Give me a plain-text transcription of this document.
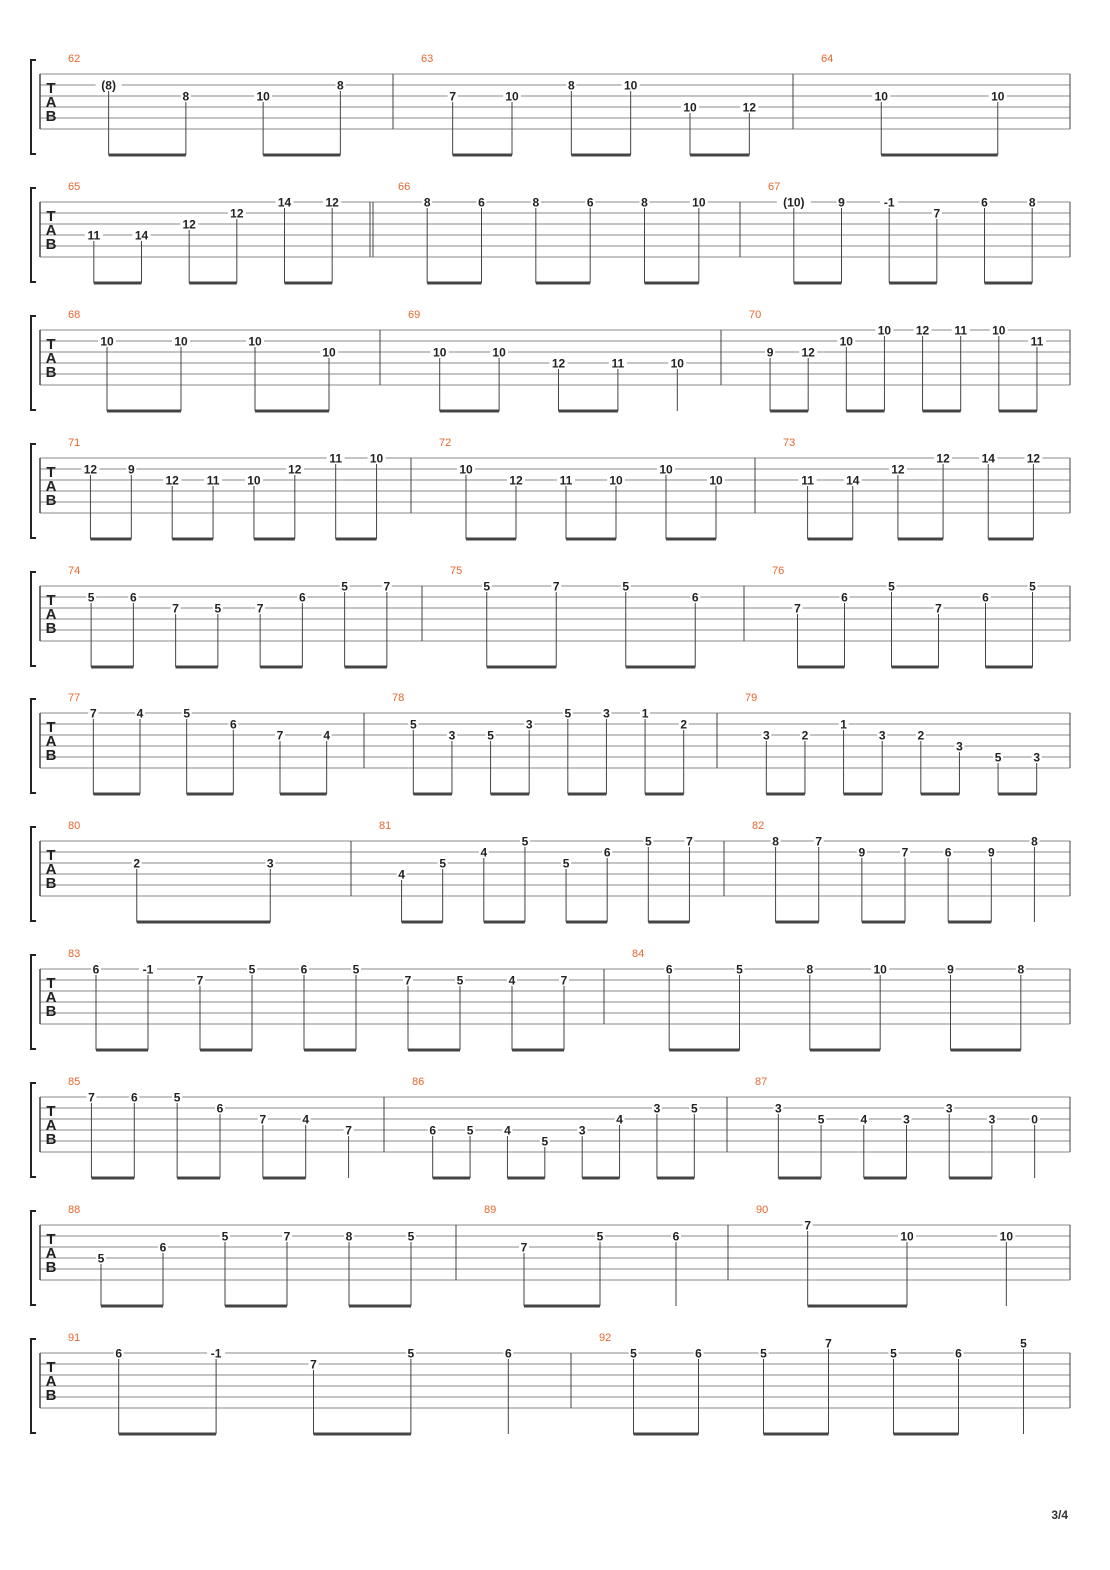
T
A
B
62
(8)
8	10
8
63
7	10
8	10
10	12
64
10	10
T
A
B
65
11	14
12
12
14	12
66
8	6	8	6	8	10
67
(10)	9	-1
7
6	8
T
A
B
68
10	10	10
10
69
10	10
12	11	10
70
9 12
10
10 12 11 10
11
T
A
B
71
12	9
12 11 10
12
11 10
72
10
12	11	10
10
10
73
11	14
12
12	14	12
T
A
B
74
5	6
7	5	7
6
5	7
75
5	7	5
6
76
7
6
5
7
6
5
T
A
B
77
7	4	5
6
7	4
78
5
3	5
3
5	3	1
2
79
3	2
1
3	2
3
5	3
T
A
B
80
2	3
81
4
5
4
5
5
6
5	7
82
8	7
9	7	6	9
8
T
A
B
83
6	-1
7
5	6	5
7	5	4	7
84
6	5	8	10	9	8
T
A
B
85
7	6	5
6
7	4
7
86
6	5	4
5
3
4
3	5
87
3
5	4	3
3
3	0
T
A
B
88
5
6
5	7	8	5
89
7
5	6
90
7
10	10
T
A
B
91
6	-1
7
5	6
92
5	6	5
7
5	6
5
3/4
